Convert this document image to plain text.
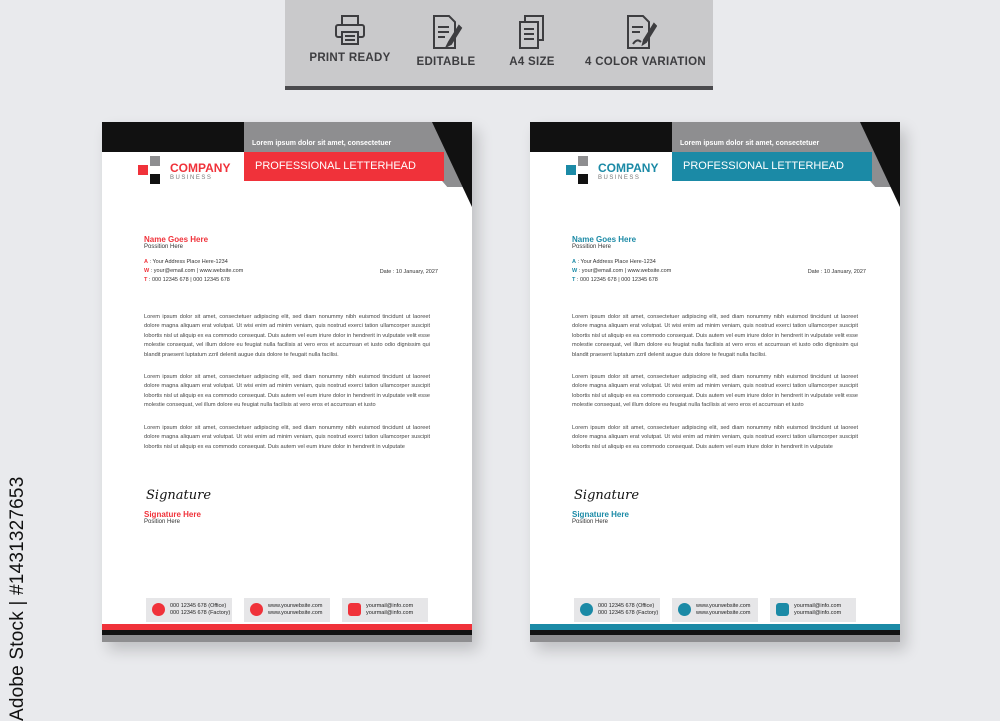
PRINT READY	EDITABLE	A4 SIZE	4 COLOR VARIATION
Adobe Stock | #1431327653
Lorem ipsum dolor sit amet, consectetuer
PROFESSIONAL LETTERHEAD
COMPANY
BUSINESS
Name Goes Here
Possition Here
A : Your Address Place Here-1234
W : your@email.com | www.website.com
T : 000 12345 678 | 000 12345 678
Date : 10 January, 2027
Lorem ipsum dolor sit amet, consectetuer adipiscing elit, sed diam nonummy nibh euismod tincidunt ut laoreet dolore magna aliquam erat volutpat. Ut wisi enim ad minim veniam, quis nostrud exerci tation ullamcorper suscipit lobortis nisl ut aliquip ex ea commodo consequat. Duis autem vel eum iriure dolor in hendrerit in vulputate velit esse molestie consequat, vel illum dolore eu feugiat nulla facilisis at vero eros et accumsan et iusto odio dignissim qui blandit praesent luptatum zzril delenit augue duis dolore te feugait nulla facilisi.
Lorem ipsum dolor sit amet, consectetuer adipiscing elit, sed diam nonummy nibh euismod tincidunt ut laoreet dolore magna aliquam erat volutpat. Ut wisi enim ad minim veniam, quis nostrud exerci tation ullamcorper suscipit lobortis nisl ut aliquip ex ea commodo consequat. Duis autem vel eum iriure dolor in hendrerit in vulputate velit esse molestie consequat, vel illum dolore eu feugiat nulla facilisis at vero eros et accumsan et iusto
Lorem ipsum dolor sit amet, consectetuer adipiscing elit, sed diam nonummy nibh euismod tincidunt ut laoreet dolore magna aliquam erat volutpat. Ut wisi enim ad minim veniam, quis nostrud exerci tation ullamcorper suscipit lobortis nisl ut aliquip ex ea commodo consequat. Duis autem vel eum iriure dolor in hendrerit in vulputate
Signature
Signature Here
Position Here
000 12345 678 (Office)
000 12345 678 (Factory)
www.yourwebsite.com
www.yourwebsite.com
yourmail@info.com
yourmail@info.com
Lorem ipsum dolor sit amet, consectetuer
PROFESSIONAL LETTERHEAD
COMPANY
BUSINESS
Name Goes Here
Possition Here
A : Your Address Place Here-1234
W : your@email.com | www.website.com
T : 000 12345 678 | 000 12345 678
Date : 10 January, 2027
Lorem ipsum dolor sit amet, consectetuer adipiscing elit, sed diam nonummy nibh euismod tincidunt ut laoreet dolore magna aliquam erat volutpat. Ut wisi enim ad minim veniam, quis nostrud exerci tation ullamcorper suscipit lobortis nisl ut aliquip ex ea commodo consequat. Duis autem vel eum iriure dolor in hendrerit in vulputate velit esse molestie consequat, vel illum dolore eu feugiat nulla facilisis at vero eros et accumsan et iusto odio dignissim qui blandit praesent luptatum zzril delenit augue duis dolore te feugait nulla facilisi.
Lorem ipsum dolor sit amet, consectetuer adipiscing elit, sed diam nonummy nibh euismod tincidunt ut laoreet dolore magna aliquam erat volutpat. Ut wisi enim ad minim veniam, quis nostrud exerci tation ullamcorper suscipit lobortis nisl ut aliquip ex ea commodo consequat. Duis autem vel eum iriure dolor in hendrerit in vulputate velit esse molestie consequat, vel illum dolore eu feugiat nulla facilisis at vero eros et accumsan et iusto
Lorem ipsum dolor sit amet, consectetuer adipiscing elit, sed diam nonummy nibh euismod tincidunt ut laoreet dolore magna aliquam erat volutpat. Ut wisi enim ad minim veniam, quis nostrud exerci tation ullamcorper suscipit lobortis nisl ut aliquip ex ea commodo consequat. Duis autem vel eum iriure dolor in hendrerit in vulputate
Signature
Signature Here
Position Here
000 12345 678 (Office)
000 12345 678 (Factory)
www.yourwebsite.com
www.yourwebsite.com
yourmail@info.com
yourmail@info.com
